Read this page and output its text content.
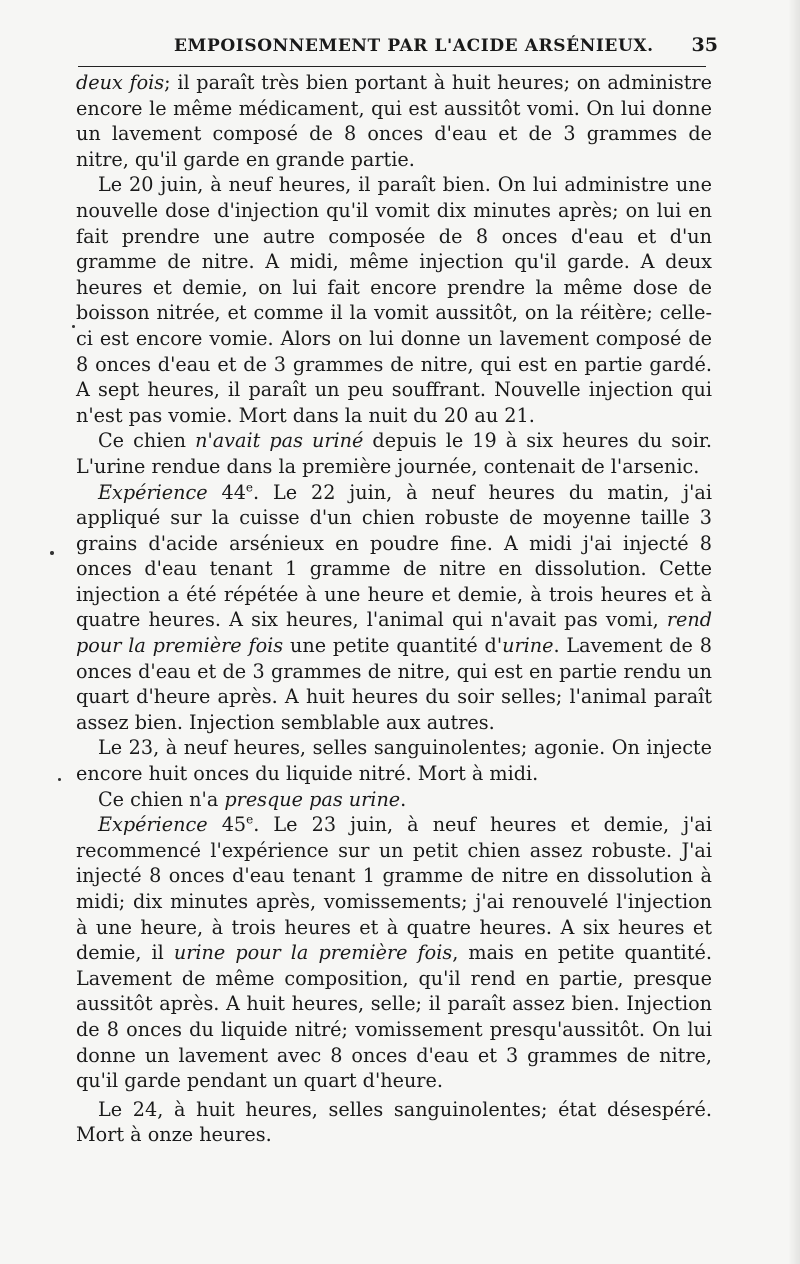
EMPOISONNEMENT PAR L'ACIDE ARSÉNIEUX. 35

deux fois; il paraît très bien portant à huit heures; on administre encore le même médicament, qui est aussitôt vomi. On lui donne un lavement composé de 8 onces d'eau et de 3 grammes de nitre, qu'il garde en grande partie.

Le 20 juin, à neuf heures, il paraît bien. On lui administre une nouvelle dose d'injection qu'il vomit dix minutes après; on lui en fait prendre une autre composée de 8 onces d'eau et d'un gramme de nitre. A midi, même injection qu'il garde. A deux heures et demie, on lui fait encore prendre la même dose de boisson nitrée, et comme il la vomit aussitôt, on la réitère; celle-ci est encore vomie. Alors on lui donne un lavement composé de 8 onces d'eau et de 3 grammes de nitre, qui est en partie gardé. A sept heures, il paraît un peu souffrant. Nouvelle injection qui n'est pas vomie. Mort dans la nuit du 20 au 21.

Ce chien n'avait pas uriné depuis le 19 à six heures du soir. L'urine rendue dans la première journée, contenait de l'arsenic.

Expérience 44e. Le 22 juin, à neuf heures du matin, j'ai appliqué sur la cuisse d'un chien robuste de moyenne taille 3 grains d'acide arsénieux en poudre fine. A midi j'ai injecté 8 onces d'eau tenant 1 gramme de nitre en dissolution. Cette injection a été répétée à une heure et demie, à trois heures et à quatre heures. A six heures, l'animal qui n'avait pas vomi, rend pour la première fois une petite quantité d'urine. Lavement de 8 onces d'eau et de 3 grammes de nitre, qui est en partie rendu un quart d'heure après. A huit heures du soir selles; l'animal paraît assez bien. Injection semblable aux autres.

Le 23, à neuf heures, selles sanguinolentes; agonie. On injecte encore huit onces du liquide nitré. Mort à midi.

Ce chien n'a presque pas urine.

Expérience 45e. Le 23 juin, à neuf heures et demie, j'ai recommencé l'expérience sur un petit chien assez robuste. J'ai injecté 8 onces d'eau tenant 1 gramme de nitre en dissolution à midi; dix minutes après, vomissements; j'ai renouvelé l'injection à une heure, à trois heures et à quatre heures. A six heures et demie, il urine pour la première fois, mais en petite quantité. Lavement de même composition, qu'il rend en partie, presque aussitôt après. A huit heures, selle; il paraît assez bien. Injection de 8 onces du liquide nitré; vomissement presqu'aussitôt. On lui donne un lavement avec 8 onces d'eau et 3 grammes de nitre, qu'il garde pendant un quart d'heure.

Le 24, à huit heures, selles sanguinolentes; état désespéré. Mort à onze heures.
